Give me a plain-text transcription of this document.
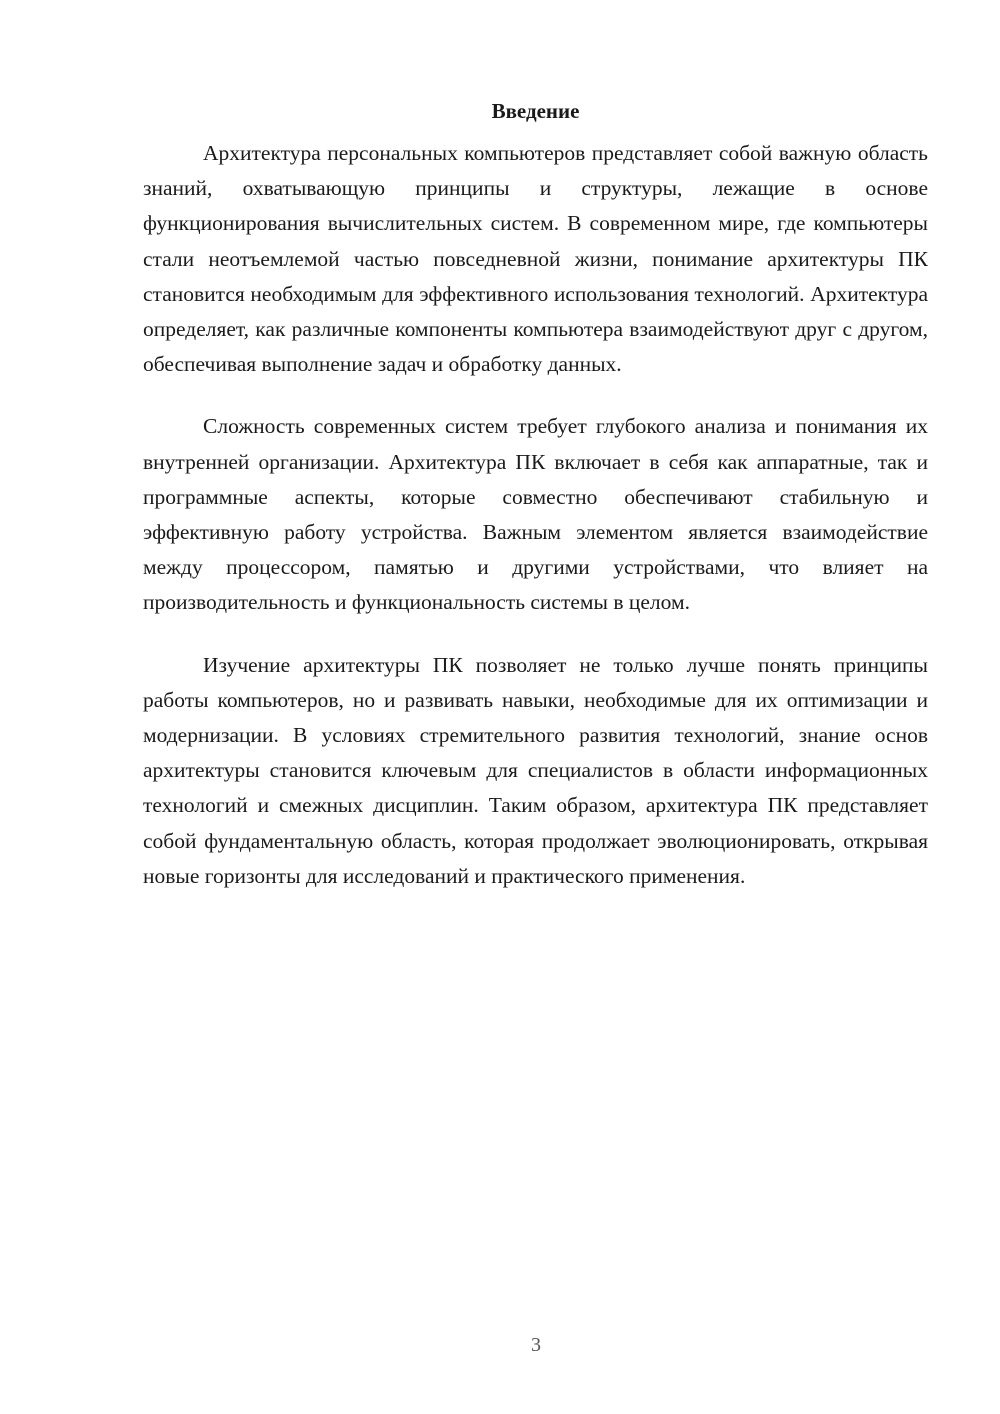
Введение

Архитектура персональных компьютеров представляет собой важную область знаний, охватывающую принципы и структуры, лежащие в основе функционирования вычислительных систем. В современном мире, где компьютеры стали неотъемлемой частью повседневной жизни, понимание архитектуры ПК становится необходимым для эффективного использования технологий. Архитектура определяет, как различные компоненты компьютера взаимодействуют друг с другом, обеспечивая выполнение задач и обработку данных.

Сложность современных систем требует глубокого анализа и понимания их внутренней организации. Архитектура ПК включает в себя как аппаратные, так и программные аспекты, которые совместно обеспечивают стабильную и эффективную работу устройства. Важным элементом является взаимодействие между процессором, памятью и другими устройствами, что влияет на производительность и функциональность системы в целом.

Изучение архитектуры ПК позволяет не только лучше понять принципы работы компьютеров, но и развивать навыки, необходимые для их оптимизации и модернизации. В условиях стремительного развития технологий, знание основ архитектуры становится ключевым для специалистов в области информационных технологий и смежных дисциплин. Таким образом, архитектура ПК представляет собой фундаментальную область, которая продолжает эволюционировать, открывая новые горизонты для исследований и практического применения.

3
